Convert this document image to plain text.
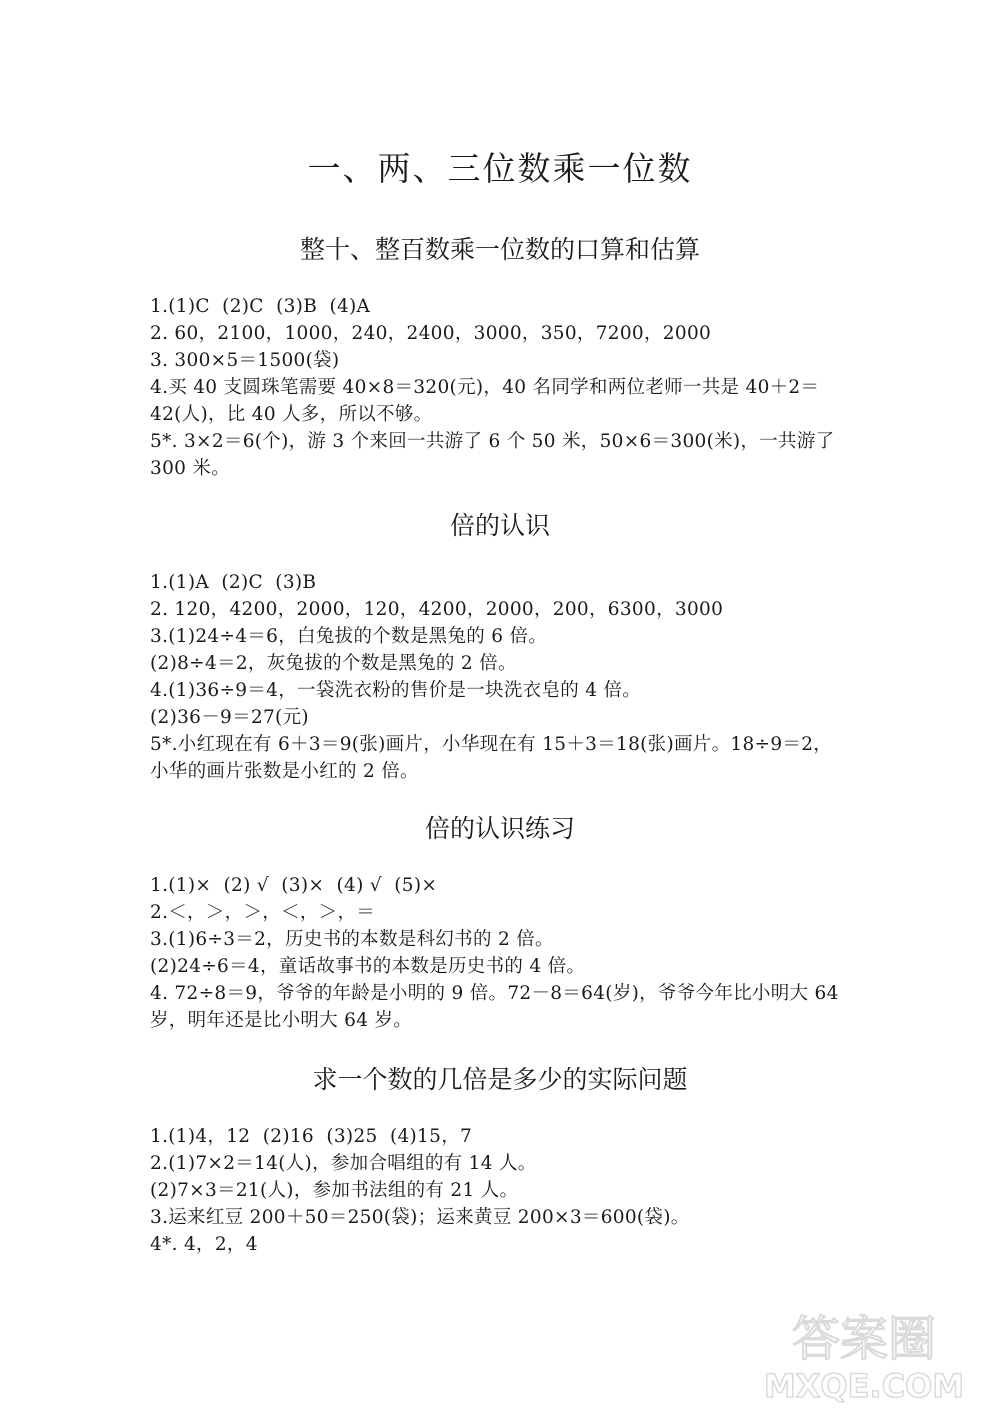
一、两、三位数乘一位数
整十、整百数乘一位数的口算和估算
1.(1)C  (2)C  (3)B  (4)A
2. 60，2100，1000，240，2400，3000，350，7200，2000
3. 300×5＝1500(袋)
4.买 40 支圆珠笔需要 40×8＝320(元)，40 名同学和两位老师一共是 40＋2＝
42(人)，比 40 人多，所以不够。
5*. 3×2＝6(个)，游 3 个来回一共游了 6 个 50 米，50×6＝300(米)，一共游了
300 米。
倍的认识
1.(1)A  (2)C  (3)B
2. 120，4200，2000，120，4200，2000，200，6300，3000
3.(1)24÷4＝6，白兔拔的个数是黑兔的 6 倍。
(2)8÷4＝2，灰兔拔的个数是黑兔的 2 倍。
4.(1)36÷9＝4，一袋洗衣粉的售价是一块洗衣皂的 4 倍。
(2)36－9＝27(元)
5*.小红现在有 6＋3＝9(张)画片，小华现在有 15＋3＝18(张)画片。18÷9＝2，
小华的画片张数是小红的 2 倍。
倍的认识练习
1.(1)×  (2) √  (3)×  (4) √  (5)×
2.＜，＞，＞，＜，＞，＝
3.(1)6÷3＝2，历史书的本数是科幻书的 2 倍。
(2)24÷6＝4，童话故事书的本数是历史书的 4 倍。
4. 72÷8＝9，爷爷的年龄是小明的 9 倍。72－8＝64(岁)，爷爷今年比小明大 64
岁，明年还是比小明大 64 岁。
求一个数的几倍是多少的实际问题
1.(1)4，12  (2)16  (3)25  (4)15，7
2.(1)7×2＝14(人)，参加合唱组的有 14 人。
(2)7×3＝21(人)，参加书法组的有 21 人。
3.运来红豆 200＋50＝250(袋)；运来黄豆 200×3＝600(袋)。
4*. 4，2，4
答案圈
MXQE.COM
